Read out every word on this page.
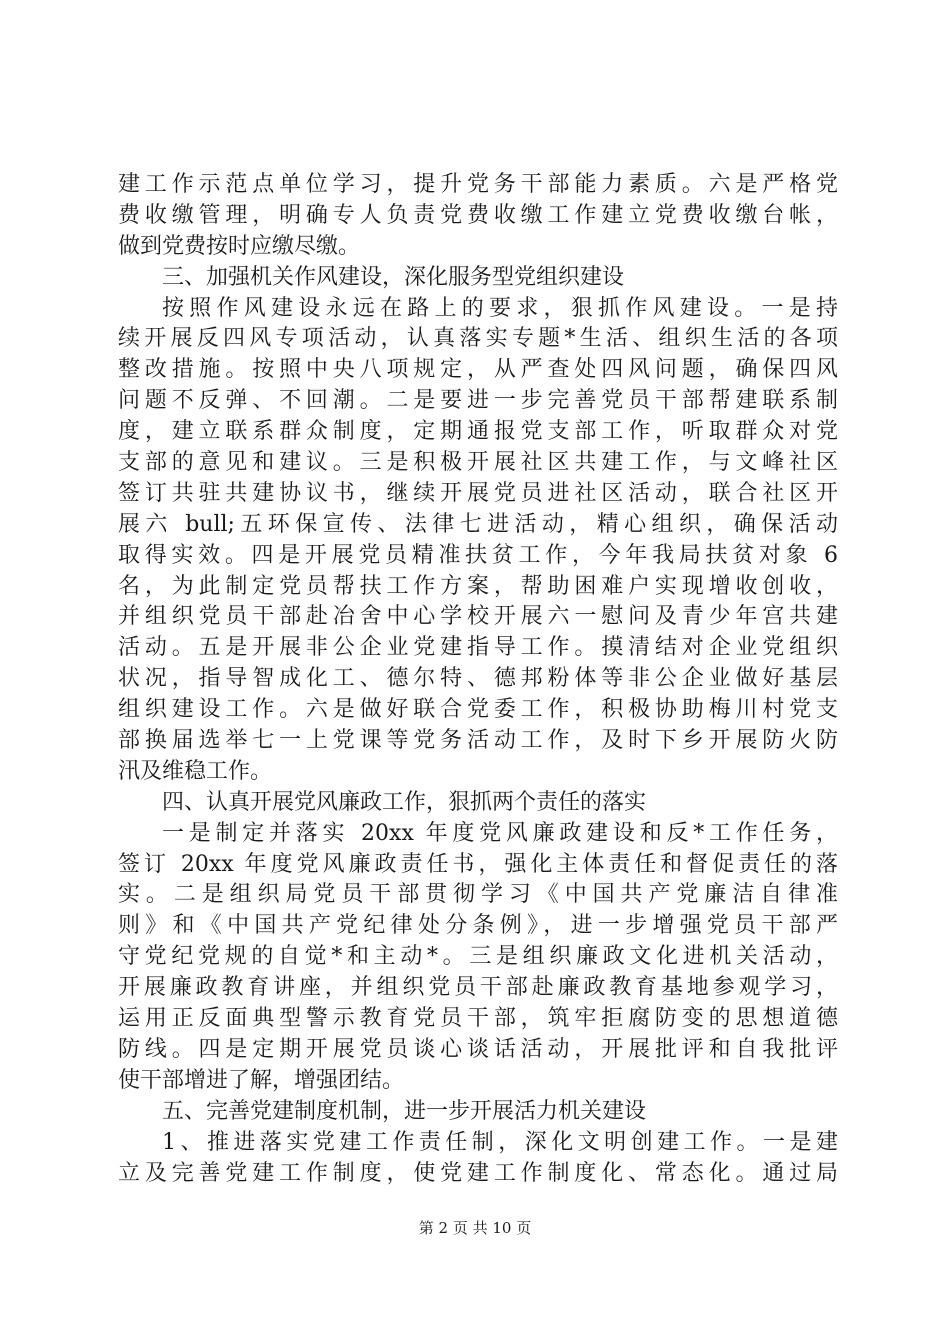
建工作示范点单位学习，提升党务干部能力素质。六是严格党
费收缴管理，明确专人负责党费收缴工作建立党费收缴台帐，
做到党费按时应缴尽缴。
三、加强机关作风建设，深化服务型党组织建设
按照作风建设永远在路上的要求，狠抓作风建设。一是持
续开展反四风专项活动，认真落实专题*生活、组织生活的各项
整改措施。按照中央八项规定，从严查处四风问题，确保四风
问题不反弹、不回潮。二是要进一步完善党员干部帮建联系制
度，建立联系群众制度，定期通报党支部工作，听取群众对党
支部的意见和建议。三是积极开展社区共建工作，与文峰社区
签订共驻共建协议书，继续开展党员进社区活动，联合社区开
展六 bull;五环保宣传、法律七进活动，精心组织，确保活动
取得实效。四是开展党员精准扶贫工作，今年我局扶贫对象 6
名，为此制定党员帮扶工作方案，帮助困难户实现增收创收，
并组织党员干部赴冶舍中心学校开展六一慰问及青少年宫共建
活动。五是开展非公企业党建指导工作。摸清结对企业党组织
状况，指导智成化工、德尔特、德邦粉体等非公企业做好基层
组织建设工作。六是做好联合党委工作，积极协助梅川村党支
部换届选举七一上党课等党务活动工作，及时下乡开展防火防
汛及维稳工作。
四、认真开展党风廉政工作，狠抓两个责任的落实
一是制定并落实 20xx 年度党风廉政建设和反*工作任务，
签订 20xx 年度党风廉政责任书，强化主体责任和督促责任的落
实。二是组织局党员干部贯彻学习《中国共产党廉洁自律准
则》和《中国共产党纪律处分条例》，进一步增强党员干部严
守党纪党规的自觉*和主动*。三是组织廉政文化进机关活动，
开展廉政教育讲座，并组织党员干部赴廉政教育基地参观学习，
运用正反面典型警示教育党员干部，筑牢拒腐防变的思想道德
防线。四是定期开展党员谈心谈话活动，开展批评和自我批评
使干部增进了解，增强团结。
五、完善党建制度机制，进一步开展活力机关建设
1、推进落实党建工作责任制，深化文明创建工作。一是建
立及完善党建工作制度，使党建工作制度化、常态化。通过局
第 2 页 共 10 页
